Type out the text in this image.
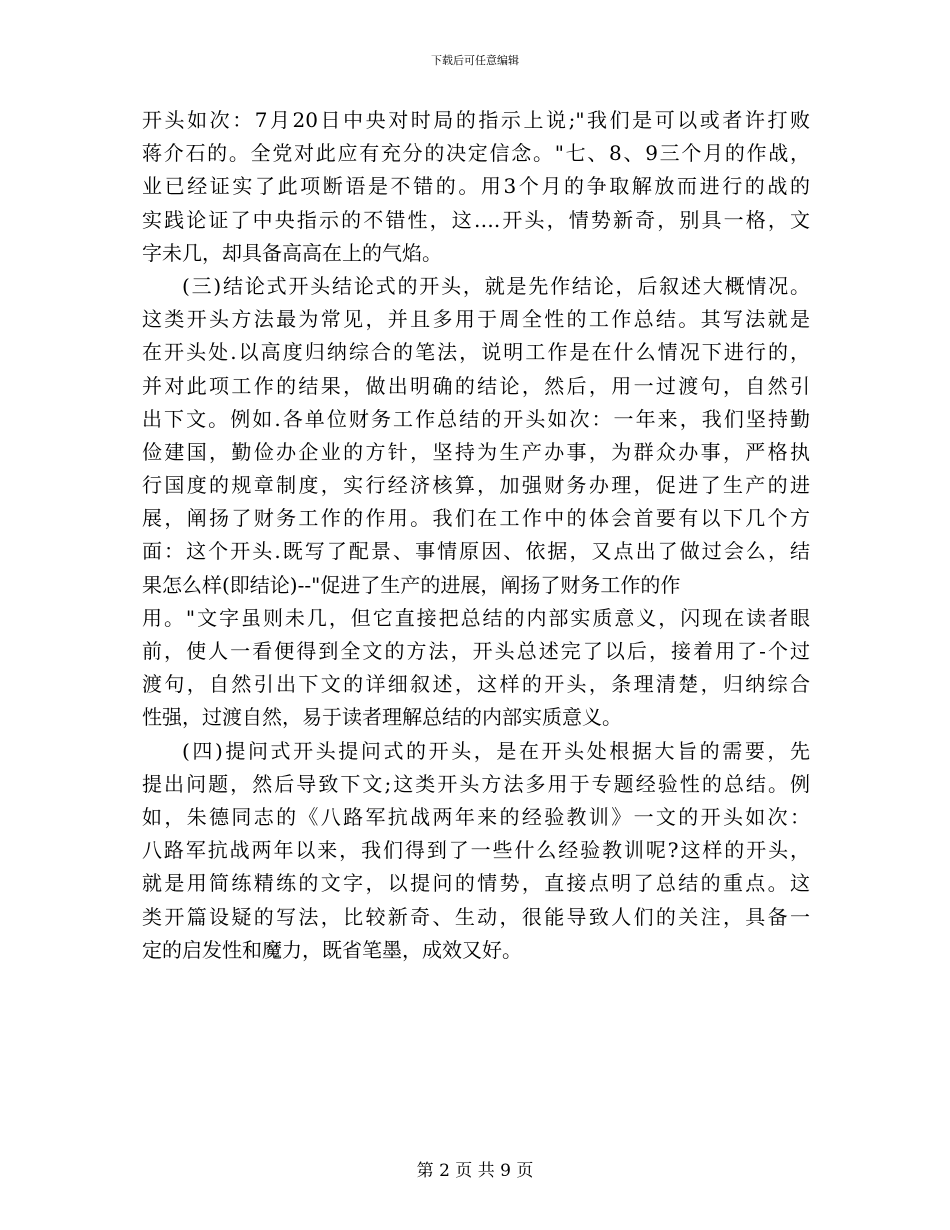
下载后可任意编辑
开头如次：7月20日中央对时局的指示上说;"我们是可以或者许打败
蒋介石的。全党对此应有充分的决定信念。"七、8、9三个月的作战，
业已经证实了此项断语是不错的。用3个月的争取解放而进行的战的
实践论证了中央指示的不错性，这….开头，情势新奇，别具一格，文
字未几，却具备高高在上的气焰。
(三)结论式开头结论式的开头，就是先作结论，后叙述大概情况。
这类开头方法最为常见，并且多用于周全性的工作总结。其写法就是
在开头处.以高度归纳综合的笔法，说明工作是在什么情况下进行的，
并对此项工作的结果，做出明确的结论，然后，用一过渡句，自然引
出下文。例如.各单位财务工作总结的开头如次：一年来，我们坚持勤
俭建国，勤俭办企业的方针，坚持为生产办事，为群众办事，严格执
行国度的规章制度，实行经济核算，加强财务办理，促进了生产的进
展，阐扬了财务工作的作用。我们在工作中的体会首要有以下几个方
面：这个开头.既写了配景、事情原因、依据，又点出了做过会么，结
果怎么样(即结论)--"促进了生产的进展，阐扬了财务工作的作
用。"文字虽则未几，但它直接把总结的内部实质意义，闪现在读者眼
前，使人一看便得到全文的方法，开头总述完了以后，接着用了-个过
渡句，自然引出下文的详细叙述，这样的开头，条理清楚，归纳综合
性强，过渡自然，易于读者理解总结的内部实质意义。
(四)提问式开头提问式的开头，是在开头处根据大旨的需要，先
提出问题，然后导致下文;这类开头方法多用于专题经验性的总结。例
如，朱德同志的《八路军抗战两年来的经验教训》一文的开头如次：
八路军抗战两年以来，我们得到了一些什么经验教训呢?这样的开头，
就是用简练精练的文字，以提问的情势，直接点明了总结的重点。这
类开篇设疑的写法，比较新奇、生动，很能导致人们的关注，具备一
定的启发性和魔力，既省笔墨，成效又好。
第 2 页 共 9 页
